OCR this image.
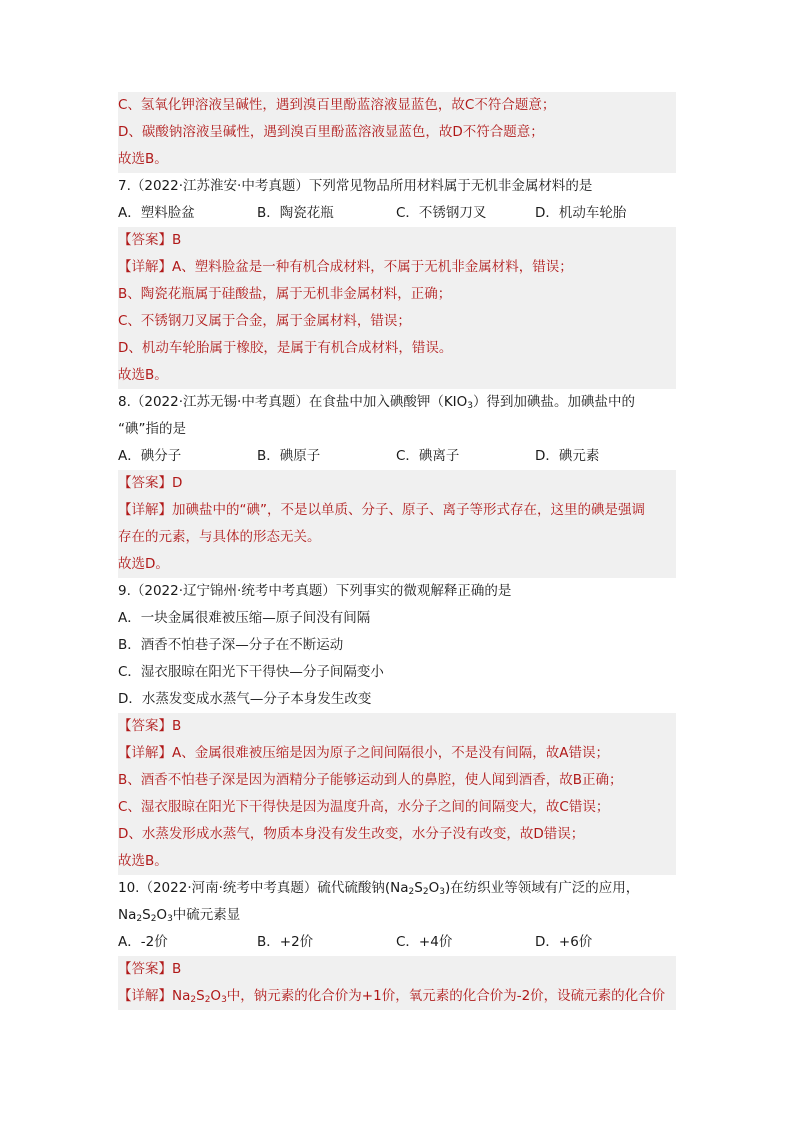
C、氢氧化钾溶液呈碱性，遇到溴百里酚蓝溶液显蓝色，故C不符合题意；
D、碳酸钠溶液呈碱性，遇到溴百里酚蓝溶液显蓝色，故D不符合题意；
故选B。
7.（2022·江苏淮安·中考真题）下列常见物品所用材料属于无机非金属材料的是
A．塑料脸盆	B．陶瓷花瓶	C．不锈钢刀叉	D．机动车轮胎
【答案】B
【详解】A、塑料脸盆是一种有机合成材料，不属于无机非金属材料，错误；
B、陶瓷花瓶属于硅酸盐，属于无机非金属材料，正确；
C、不锈钢刀叉属于合金，属于金属材料，错误；
D、机动车轮胎属于橡胶，是属于有机合成材料，错误。
故选B。
8.（2022·江苏无锡·中考真题）在食盐中加入碘酸钾$(KIO_3)$得到加碘盐。加碘盐中的
“碘”指的是
A．碘分子	B．碘原子	C．碘离子	D．碘元素
【答案】D
【详解】加碘盐中的“碘”，不是以单质、分子、原子、离子等形式存在，这里的碘是强调
存在的元素，与具体的形态无关。
故选D。
9.（2022·辽宁锦州·统考中考真题）下列事实的微观解释正确的是
A．一块金属很难被压缩—原子间没有间隔
B．酒香不怕巷子深—分子在不断运动
C．湿衣服晾在阳光下干得快—分子间隔变小
D．水蒸发变成水蒸气—分子本身发生改变
【答案】B
【详解】A、金属很难被压缩是因为原子之间间隔很小，不是没有间隔，故A错误；
B、酒香不怕巷子深是因为酒精分子能够运动到人的鼻腔，使人闻到酒香，故B正确；
C、湿衣服晾在阳光下干得快是因为温度升高，水分子之间的间隔变大，故C错误；
D、水蒸发形成水蒸气，物质本身没有发生改变，水分子没有改变，故D错误；
故选B。
10.（2022·河南·统考中考真题）硫代硫酸钠$(Na_2S_2O_3)$在纺织业等领域有广泛的应用，
$Na_2S_2O_3$中硫元素显
A．-2价	B．+2价	C．+4价	D．+6价
【答案】B
【详解】$Na_2S_2O_3$中，钠元素的化合价为+1价，氧元素的化合价为-2价，设硫元素的化合价
